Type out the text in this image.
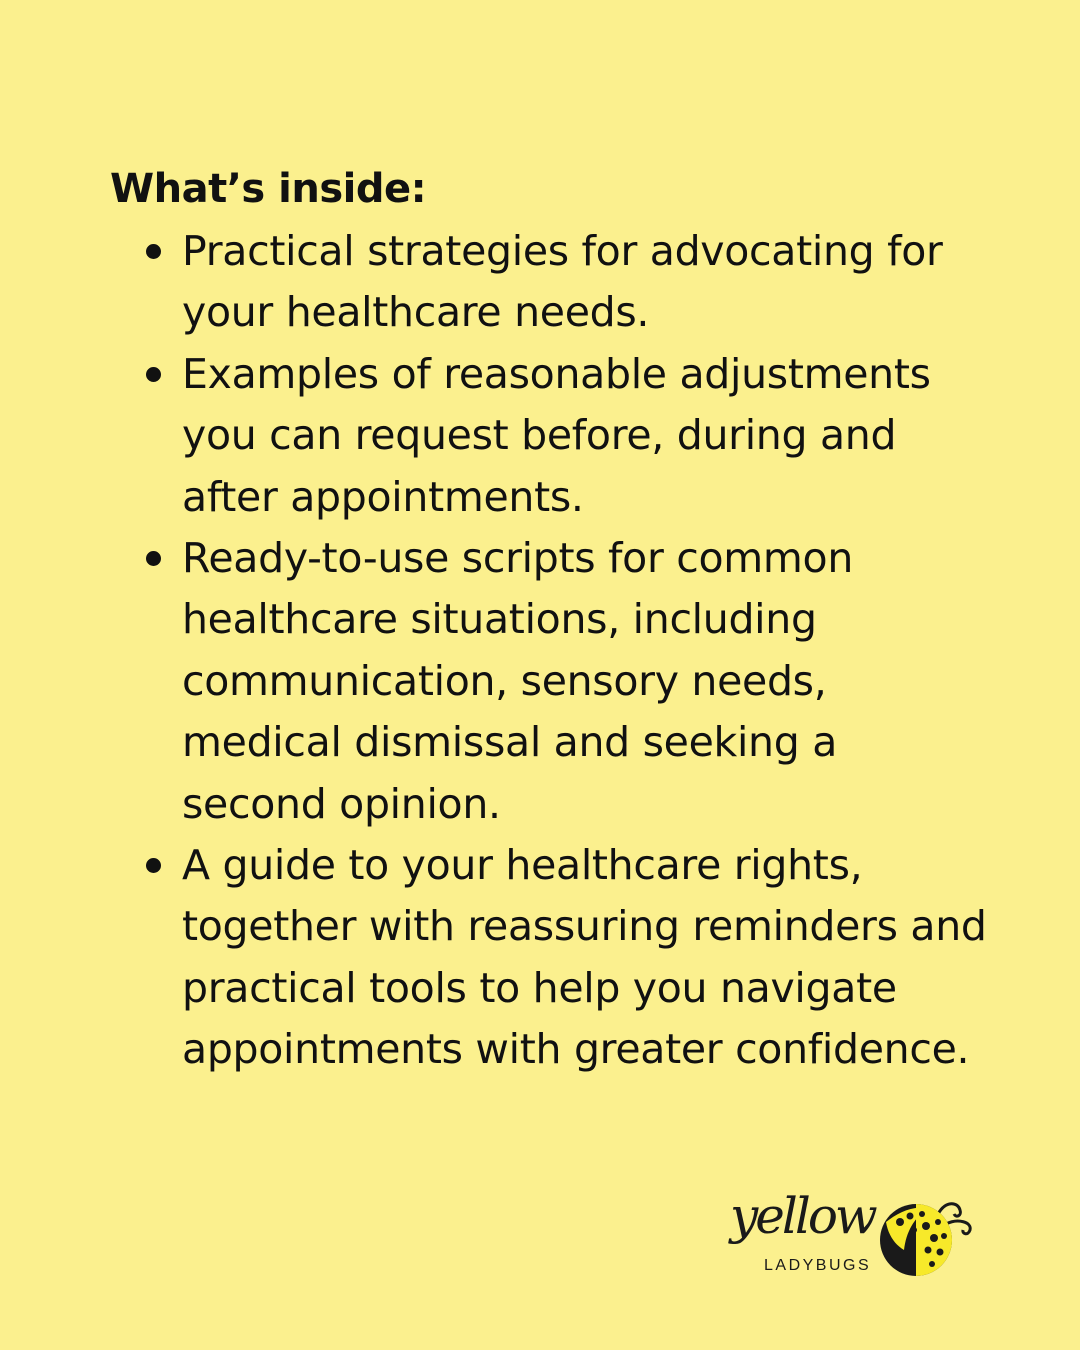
What’s inside:
Practical strategies for advocating for your healthcare needs.
Examples of reasonable adjustments you can request before, during and after appointments.
Ready-to-use scripts for common healthcare situations, including communication, sensory needs, medical dismissal and seeking a second opinion.
A guide to your healthcare rights, together with reassuring reminders and practical tools to help you navigate appointments with greater confidence.
yellow
LADYBUGS
